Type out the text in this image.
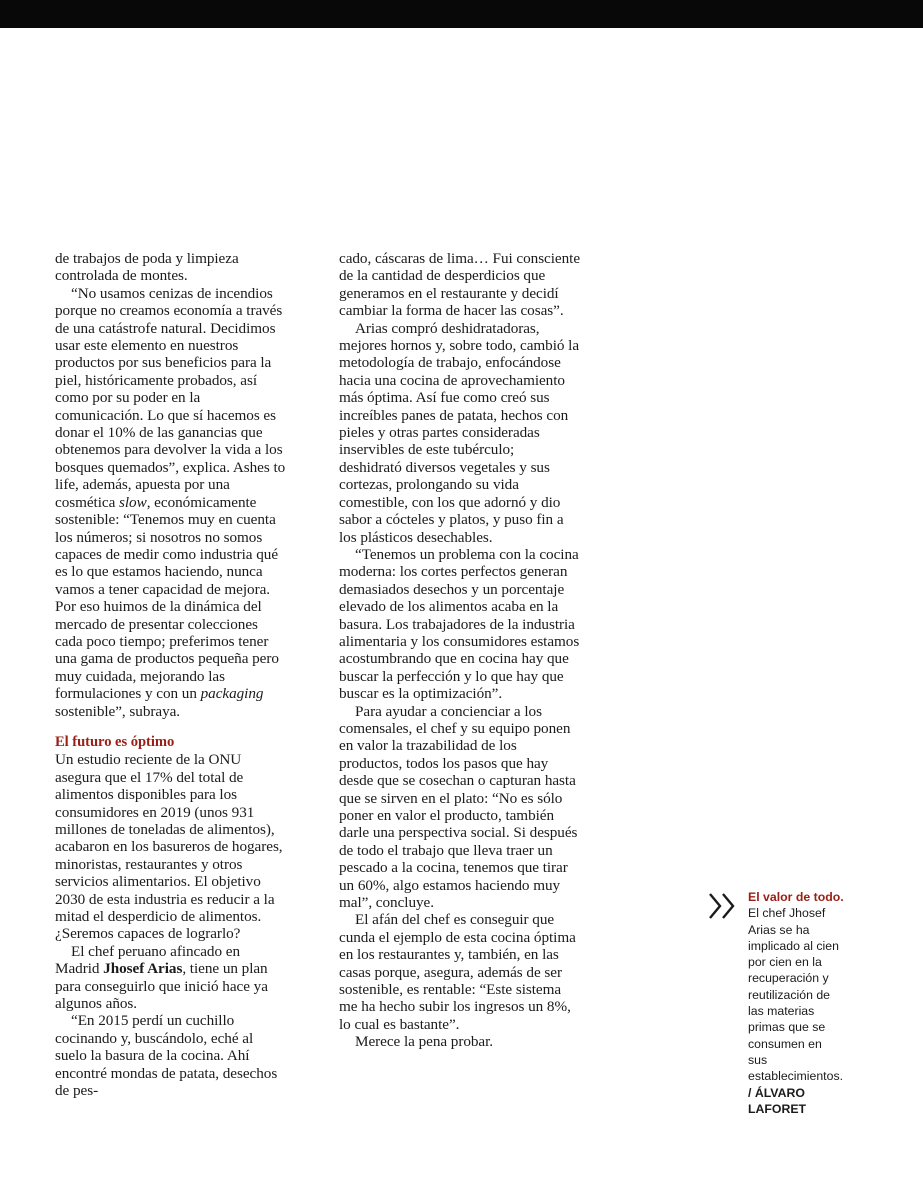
de trabajos de poda y limpieza controlada de montes.

“No usamos cenizas de incendios porque no creamos economía a través de una catástrofe natural. Decidimos usar este elemento en nuestros productos por sus beneficios para la piel, históricamente probados, así como por su poder en la comunicación. Lo que sí hacemos es donar el 10% de las ganancias que obtenemos para devolver la vida a los bosques quemados”, explica. Ashes to life, además, apuesta por una cosmética slow, económicamente sostenible: “Tenemos muy en cuenta los números; si nosotros no somos capaces de medir como industria qué es lo que estamos haciendo, nunca vamos a tener capacidad de mejora. Por eso huimos de la dinámica del mercado de presentar colecciones cada poco tiempo; preferimos tener una gama de productos pequeña pero muy cuidada, mejorando las formulaciones y con un packaging sostenible”, subraya.

El futuro es óptimo

Un estudio reciente de la ONU asegura que el 17% del total de alimentos disponibles para los consumidores en 2019 (unos 931 millones de toneladas de alimentos), acabaron en los basureros de hogares, minoristas, restaurantes y otros servicios alimentarios. El objetivo 2030 de esta industria es reducir a la mitad el desperdicio de alimentos. ¿Seremos capaces de lograrlo?

El chef peruano afincado en Madrid Jhosef Arias, tiene un plan para conseguirlo que inició hace ya algunos años.

“En 2015 perdí un cuchillo cocinando y, buscándolo, eché al suelo la basura de la cocina. Ahí encontré mondas de patata, desechos de pes-

cado, cáscaras de lima… Fui consciente de la cantidad de desperdicios que generamos en el restaurante y decidí cambiar la forma de hacer las cosas”.

Arias compró deshidratadoras, mejores hornos y, sobre todo, cambió la metodología de trabajo, enfocándose hacia una cocina de aprovechamiento más óptima. Así fue como creó sus increíbles panes de patata, hechos con pieles y otras partes consideradas inservibles de este tubérculo; deshidrató diversos vegetales y sus cortezas, prolongando su vida comestible, con los que adornó y dio sabor a cócteles y platos, y puso fin a los plásticos desechables.

“Tenemos un problema con la cocina moderna: los cortes perfectos generan demasiados desechos y un porcentaje elevado de los alimentos acaba en la basura. Los trabajadores de la industria alimentaria y los consumidores estamos acostumbrando que en cocina hay que buscar la perfección y lo que hay que buscar es la optimización”.

Para ayudar a concienciar a los comensales, el chef y su equipo ponen en valor la trazabilidad de los productos, todos los pasos que hay desde que se cosechan o capturan hasta que se sirven en el plato: “No es sólo poner en valor el producto, también darle una perspectiva social. Si después de todo el trabajo que lleva traer un pescado a la cocina, tenemos que tirar un 60%, algo estamos haciendo muy mal”, concluye.

El afán del chef es conseguir que cunda el ejemplo de esta cocina óptima en los restaurantes y, también, en las casas porque, asegura, además de ser sostenible, es rentable: “Este sistema me ha hecho subir los ingresos un 8%, lo cual es bastante”.

Merece la pena probar.

El valor de todo. El chef Jhosef Arias se ha implicado al cien por cien en la recuperación y reutilización de las materias primas que se consumen en sus establecimientos. / ÁLVARO LAFORET
